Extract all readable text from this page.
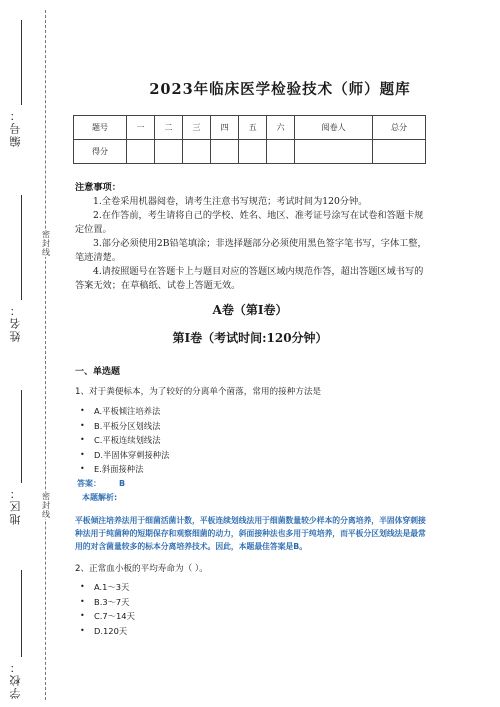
编号：
姓名：
地区：
学校：
密
封
线
密
封
线
2023年临床医学检验技术（师）题库
题号	一	二	三	四	五	六	阅卷人	总分
得分								
注意事项：

1.全卷采用机器阅卷，请考生注意书写规范；考试时间为120分钟。

2.在作答前，考生请将自己的学校、姓名、地区、准考证号涂写在试卷和答题卡规定位置。

3.部分必须使用2B铅笔填涂；非选择题部分必须使用黑色签字笔书写，字体工整，笔迹清楚。

4.请按照题号在答题卡上与题目对应的答题区域内规范作答，超出答题区域书写的答案无效；在草稿纸、试卷上答题无效。

A卷（第Ⅰ卷）
第Ⅰ卷（考试时间:120分钟）
一、单选题
1、对于粪便标本，为了较好的分离单个菌落，常用的接种方法是
• A.平板倾注培养法
• B.平板分区划线法
• C.平板连续划线法
• D.半固体穿刺接种法
• E.斜面接种法
答案： B
本题解析:
平板倾注培养法用于细菌活菌计数，平板连续划线法用于细菌数量较少样本的分离培养，半固体穿刺接种法用于纯菌种的短期保存和观察细菌的动力，斜面接种法也多用于纯培养，而平板分区划线法是最常用的对含菌量较多的标本分离培养技术。因此，本题最佳答案是B。
2、正常血小板的平均寿命为（ ）。
• A.1～3天
• B.3～7天
• C.7～14天
• D.120天
